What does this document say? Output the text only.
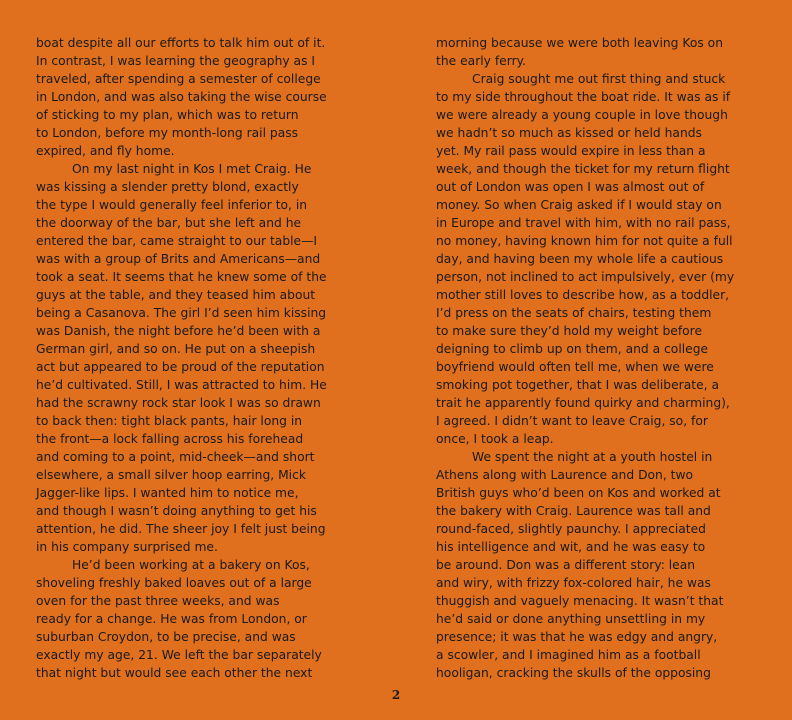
boat despite all our efforts to talk him out of it.
In contrast, I was learning the geography as I
traveled, after spending a semester of college
in London, and was also taking the wise course
of sticking to my plan, which was to return
to London, before my month-long rail pass
expired, and fly home.
On my last night in Kos I met Craig. He
was kissing a slender pretty blond, exactly
the type I would generally feel inferior to, in
the doorway of the bar, but she left and he
entered the bar, came straight to our table—I
was with a group of Brits and Americans—and
took a seat. It seems that he knew some of the
guys at the table, and they teased him about
being a Casanova. The girl I’d seen him kissing
was Danish, the night before he’d been with a
German girl, and so on. He put on a sheepish
act but appeared to be proud of the reputation
he’d cultivated. Still, I was attracted to him. He
had the scrawny rock star look I was so drawn
to back then: tight black pants, hair long in
the front—a lock falling across his forehead
and coming to a point, mid-cheek—and short
elsewhere, a small silver hoop earring, Mick
Jagger-like lips. I wanted him to notice me,
and though I wasn’t doing anything to get his
attention, he did. The sheer joy I felt just being
in his company surprised me.
He’d been working at a bakery on Kos,
shoveling freshly baked loaves out of a large
oven for the past three weeks, and was
ready for a change. He was from London, or
suburban Croydon, to be precise, and was
exactly my age, 21. We left the bar separately
that night but would see each other the next
morning because we were both leaving Kos on
the early ferry.
Craig sought me out first thing and stuck
to my side throughout the boat ride. It was as if
we were already a young couple in love though
we hadn’t so much as kissed or held hands
yet. My rail pass would expire in less than a
week, and though the ticket for my return flight
out of London was open I was almost out of
money. So when Craig asked if I would stay on
in Europe and travel with him, with no rail pass,
no money, having known him for not quite a full
day, and having been my whole life a cautious
person, not inclined to act impulsively, ever (my
mother still loves to describe how, as a toddler,
I’d press on the seats of chairs, testing them
to make sure they’d hold my weight before
deigning to climb up on them, and a college
boyfriend would often tell me, when we were
smoking pot together, that I was deliberate, a
trait he apparently found quirky and charming),
I agreed. I didn’t want to leave Craig, so, for
once, I took a leap.
We spent the night at a youth hostel in
Athens along with Laurence and Don, two
British guys who’d been on Kos and worked at
the bakery with Craig. Laurence was tall and
round-faced, slightly paunchy. I appreciated
his intelligence and wit, and he was easy to
be around. Don was a different story: lean
and wiry, with frizzy fox-colored hair, he was
thuggish and vaguely menacing. It wasn’t that
he’d said or done anything unsettling in my
presence; it was that he was edgy and angry,
a scowler, and I imagined him as a football
hooligan, cracking the skulls of the opposing
2
